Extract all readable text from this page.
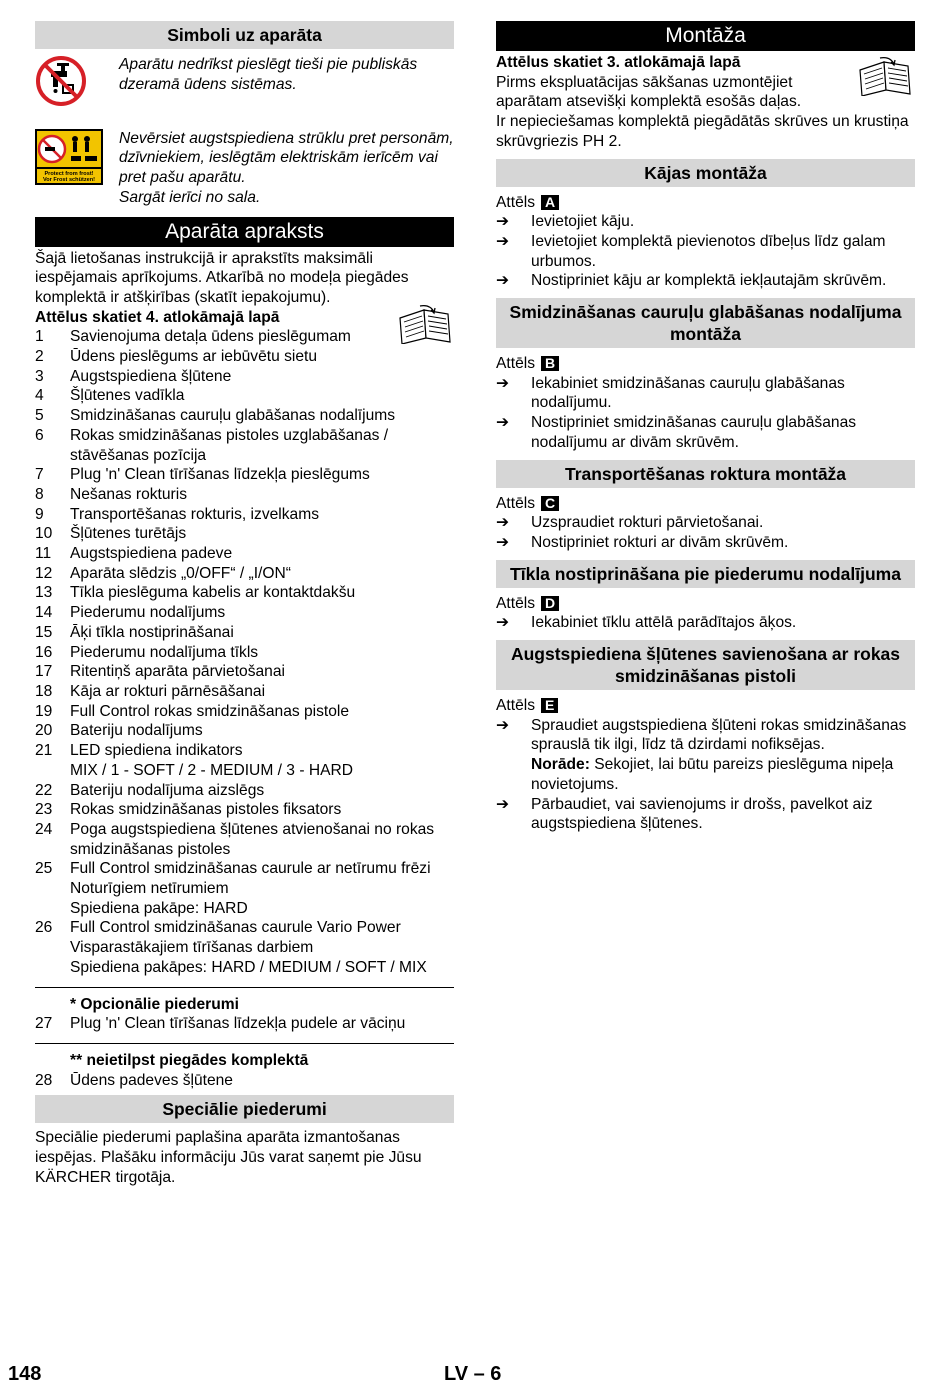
Simboli uz aparāta
Aparātu nedrīkst pieslēgt tieši pie publiskās dzeramā ūdens sistēmas.
Protect from frost!
Vor Frost schützen!
Nevērsiet augstspiediena strūklu pret personām, dzīvniekiem, ieslēgtām elektriskām ierīcēm vai pret pašu aparātu.
Sargāt ierīci no sala.
Aparāta apraksts

Šajā lietošanas instrukcijā ir aprakstīts maksimāli iespējamais aprīkojums. Atkarībā no modeļa piegādes komplektā ir atšķirības (skatīt iepakojumu).

Attēlus skatiet 4. atlokāmajā lapā

1	Savienojuma detaļa ūdens pieslēgumam
2	Ūdens pieslēgums ar iebūvētu sietu
3	Augstspiediena šļūtene
4	Šļūtenes vadīkla
5	Smidzināšanas cauruļu glabāšanas nodalījums
6	Rokas smidzināšanas pistoles uzglabāšanas / stāvēšanas pozīcija
7	Plug 'n' Clean tīrīšanas līdzekļa pieslēgums
8	Nešanas rokturis
9	Transportēšanas rokturis, izvelkams
10	Šļūtenes turētājs
11	Augstspiediena padeve
12	Aparāta slēdzis „0/OFF“ / „I/ON“
13	Tīkla pieslēguma kabelis ar kontaktdakšu
14	Piederumu nodalījums
15	Āķi tīkla nostiprināšanai
16	Piederumu nodalījuma tīkls
17	Ritentiņš aparāta pārvietošanai
18	Kāja ar rokturi pārnēsāšanai
19	Full Control rokas smidzināšanas pistole
20	Bateriju nodalījums
21	LED spiediena indikators
MIX / 1 - SOFT / 2 - MEDIUM / 3 - HARD
22	Bateriju nodalījuma aizslēgs
23	Rokas smidzināšanas pistoles fiksators
24	Poga augstspiediena šļūtenes atvienošanai no rokas smidzināšanas pistoles
25	Full Control smidzināšanas caurule ar netīrumu frēzi
Noturīgiem netīrumiem
Spiediena pakāpe: HARD
26	Full Control smidzināšanas caurule Vario Power
Visparastākajiem tīrīšanas darbiem
Spiediena pakāpes: HARD / MEDIUM / SOFT / MIX
* Opcionālie piederumi
27	Plug 'n' Clean tīrīšanas līdzekļa pudele ar vāciņu
** neietilpst piegādes komplektā
28	Ūdens padeves šļūtene
Speciālie piederumi

Speciālie piederumi paplašina aparāta izmantošanas iespējas. Plašāku informāciju Jūs varat saņemt pie Jūsu KÄRCHER tirgotāja.

Montāža

Attēlus skatiet 3. atlokāmajā lapā

Pirms ekspluatācijas sākšanas uzmontējiet aparātam atsevišķi komplektā esošās daļas.

Ir nepieciešamas komplektā piegādātās skrūves un krustiņa skrūvgriezis PH 2.

Kājas montāža
Attēls A
➔	Ievietojiet kāju.
➔	Ievietojiet komplektā pievienotos dībeļus līdz galam urbumos.
➔	Nostipriniet kāju ar komplektā iekļautajām skrūvēm.
Smidzināšanas cauruļu glabāšanas nodalījuma montāža
Attēls B
➔	Iekabiniet smidzināšanas cauruļu glabāšanas nodalījumu.
➔	Nostipriniet smidzināšanas cauruļu glabāšanas nodalījumu ar divām skrūvēm.
Transportēšanas roktura montāža
Attēls C
➔	Uzspraudiet rokturi pārvietošanai.
➔	Nostipriniet rokturi ar divām skrūvēm.
Tīkla nostiprināšana pie piederumu nodalījuma
Attēls D
➔	Iekabiniet tīklu attēlā parādītajos āķos.
Augstspiediena šļūtenes savienošana ar rokas smidzināšanas pistoli
Attēls E
➔	Spraudiet augstspiediena šļūteni rokas smidzināšanas sprauslā tik ilgi, līdz tā dzirdami nofiksējas.
Norāde: Sekojiet, lai būtu pareizs pieslēguma nipeļa novietojums.
➔	Pārbaudiet, vai savienojums ir drošs, pavelkot aiz augstspiediena šļūtenes.
148	LV – 6
